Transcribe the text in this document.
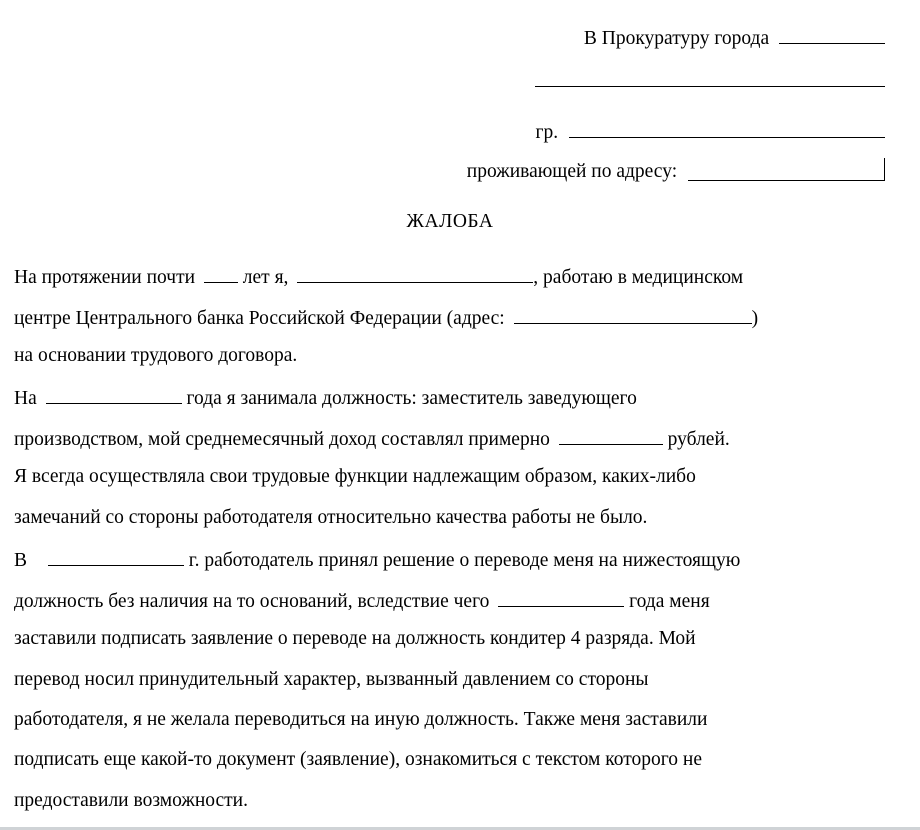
В Прокуратуру города
гр.
проживающей по адресу:
ЖАЛОБА
На протяжении почти лет я,	, работаю в медицинском
центре Центрального банка Российской Федерации (адрес:	)
на основании трудового договора.
На	года я занимала должность: заместитель заведующего
производством, мой среднемесячный доход составлял примерно	рублей.
Я всегда осуществляла свои трудовые функции надлежащим образом, каких-либо
замечаний со стороны работодателя относительно качества работы не было.
В	г. работодатель принял решение о переводе меня на нижестоящую
должность без наличия на то оснований, вследствие чего	года меня
заставили подписать заявление о переводе на должность кондитер 4 разряда. Мой
перевод носил принудительный характер, вызванный давлением со стороны
работодателя, я не желала переводиться на иную должность. Также меня заставили
подписать еще какой-то документ (заявление), ознакомиться с текстом которого не
предоставили возможности.
